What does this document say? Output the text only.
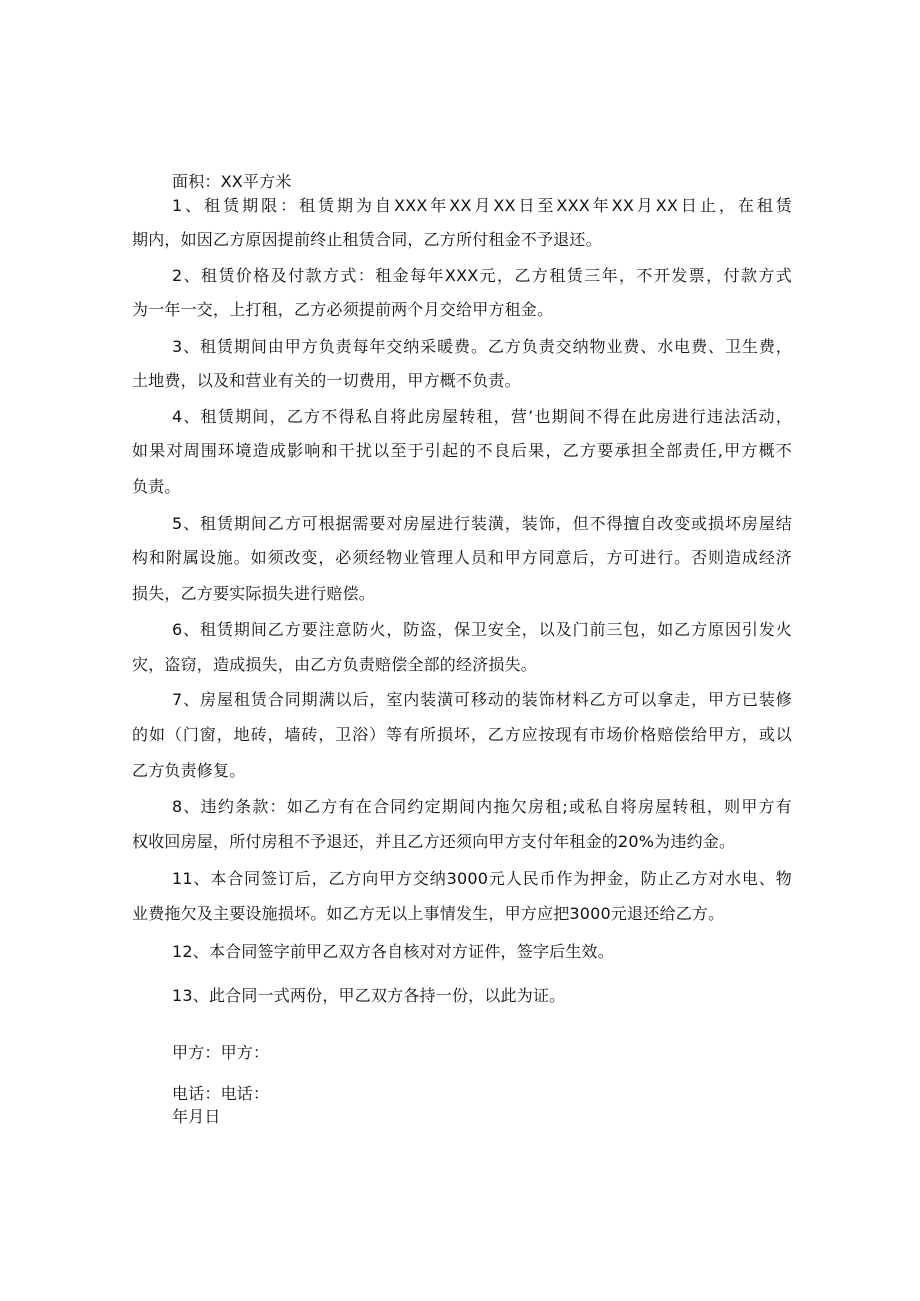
面积：XX平方米
1、租赁期限：租赁期为自XXX年XX月XX日至XXX年XX月XX日止，在租赁
期内，如因乙方原因提前终止租赁合同，乙方所付租金不予退还。
2、租赁价格及付款方式：租金每年XXX元，乙方租赁三年，不开发票，付款方式
为一年一交，上打租，乙方必须提前两个月交给甲方租金。
3、租赁期间由甲方负责每年交纳采暖费。乙方负责交纳物业费、水电费、卫生费，
土地费，以及和营业有关的一切费用，甲方概不负责。
4、租赁期间，乙方不得私自将此房屋转租，营’也期间不得在此房进行违法活动，
如果对周围环境造成影响和干扰以至于引起的不良后果，乙方要承担全部责任,甲方概不
负责。
5、租赁期间乙方可根据需要对房屋进行装潢，装饰，但不得擅自改变或损坏房屋结
构和附属设施。如须改变，必须经物业管理人员和甲方同意后，方可进行。否则造成经济
损失，乙方要实际损失进行赔偿。
6、租赁期间乙方要注意防火，防盗，保卫安全，以及门前三包，如乙方原因引发火
灾，盗窃，造成损失，由乙方负责赔偿全部的经济损失。
7、房屋租赁合同期满以后，室内装潢可移动的装饰材料乙方可以拿走，甲方已装修
的如（门窗，地砖，墙砖，卫浴）等有所损坏，乙方应按现有市场价格赔偿给甲方，或以
乙方负责修复。
8、违约条款：如乙方有在合同约定期间内拖欠房租;或私自将房屋转租，则甲方有
权收回房屋，所付房租不予退还，并且乙方还须向甲方支付年租金的20%为违约金。
11、本合同签订后，乙方向甲方交纳3000元人民币作为押金，防止乙方对水电、物
业费拖欠及主要设施损坏。如乙方无以上事情发生，甲方应把3000元退还给乙方。
12、本合同签字前甲乙双方各自核对对方证件，签字后生效。
13、此合同一式两份，甲乙双方各持一份，以此为证。
甲方：甲方：
电话：电话：
年月日
